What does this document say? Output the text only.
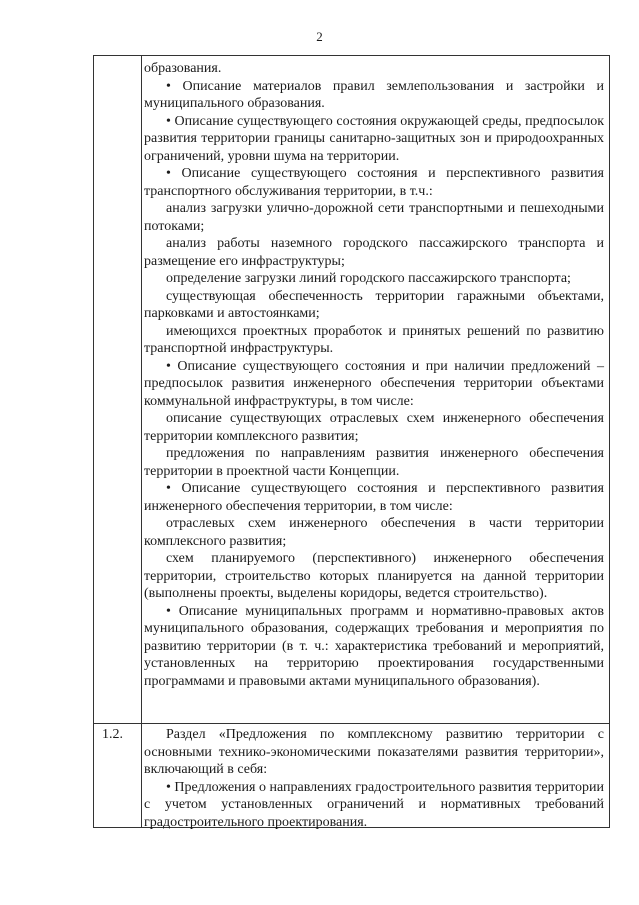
2
1.2.

образования.

• Описание материалов правил землепользования и застройки и муниципального образования.

• Описание существующего состояния окружающей среды, предпосылок развития территории границы санитарно-защитных зон и природоохранных ограничений, уровни шума на территории.

• Описание существующего состояния и перспективного развития транспортного обслуживания территории, в т.ч.:

анализ загрузки улично-дорожной сети транспортными и пешеходными потоками;

анализ работы наземного городского пассажирского транспорта и размещение его инфраструктуры;

определение загрузки линий городского пассажирского транспорта;

существующая обеспеченность территории гаражными объектами, парковками и автостоянками;

имеющихся проектных проработок и принятых решений по развитию транспортной инфраструктуры.

• Описание существующего состояния и при наличии предложений – предпосылок развития инженерного обеспечения территории объектами коммунальной инфраструктуры, в том числе:

описание существующих отраслевых схем инженерного обеспечения территории комплексного развития;

предложения по направлениям развития инженерного обеспечения территории в проектной части Концепции.

• Описание существующего состояния и перспективного развития инженерного обеспечения территории, в том числе:

отраслевых схем инженерного обеспечения в части территории комплексного развития;

схем планируемого (перспективного) инженерного обеспечения территории, строительство которых планируется на данной территории (выполнены проекты, выделены коридоры, ведется строительство).

• Описание муниципальных программ и нормативно-правовых актов муниципального образования, содержащих требования и мероприятия по развитию территории (в т. ч.: характеристика требований и мероприятий, установленных на территорию проектирования государственными программами и правовыми актами муниципального образования).

Раздел «Предложения по комплексному развитию территории с основными технико-экономическими показателями развития территории», включающий в себя:

• Предложения о направлениях градостроительного развития территории с учетом установленных ограничений и нормативных требований градостроительного проектирования.
